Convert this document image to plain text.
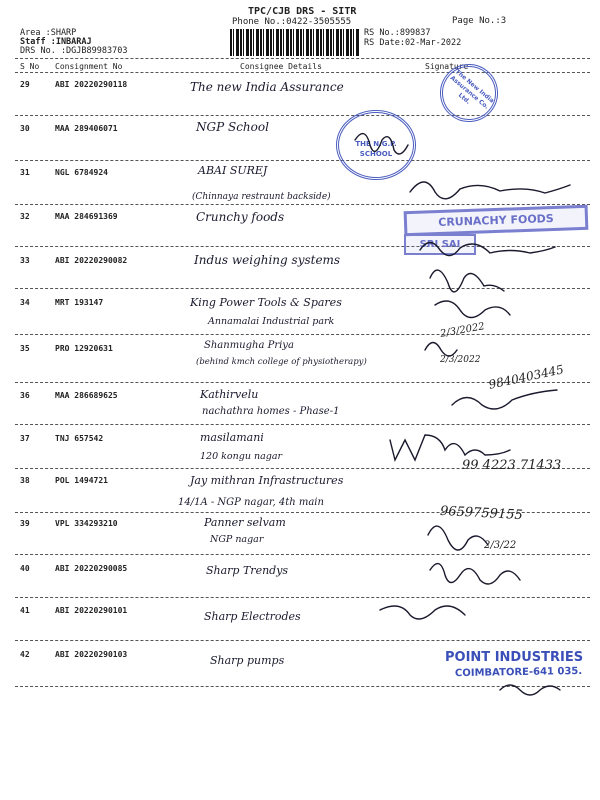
TPC/CJB DRS - SITR
Phone No.:0422-3505555	Page No.:3
RS No.:899837
RS Date:02-Mar-2022
Area :SHARP
Staff :INBARAJ
DRS No. :DGJB89983703
S No Consignment No	Consignee Details	Signature
29	ABI 20220290118	The new India Assurance
30	MAA 289406071	NGP School
31	NGL 6784924	ABAI SUREJ
(Chinnaya restraunt backside)
32	MAA 284691369	Crunchy foods
33	ABI 20220290082	Indus weighing systems
34	MRT 193147	King Power Tools & Spares
Annamalai Industrial park
35	PRO 12920631	Shanmugha Priya
(behind kmch college of physiotherapy)
36	MAA 286689625	Kathirvelu
nachathra homes - Phase-1
37	TNJ 657542	masilamani
120 kongu nagar
38	POL 1494721	Jay mithran Infrastructures
14/1A - NGP nagar, 4th main
39	VPL 334293210	Panner selvam
NGP nagar
40	ABI 20220290085	Sharp Trendys
41	ABI 20220290101	Sharp Electrodes
42	ABI 20220290103	Sharp pumps
The New India Assurance Co. Ltd.
THE N.G.P. SCHOOL
CRUNACHY FOODS
SRI SAI
POINT INDUSTRIES
COIMBATORE-641 035.
2/3/2022
2/3/2022
9840403445
99 4223 71433
9659759155
2/3/22
